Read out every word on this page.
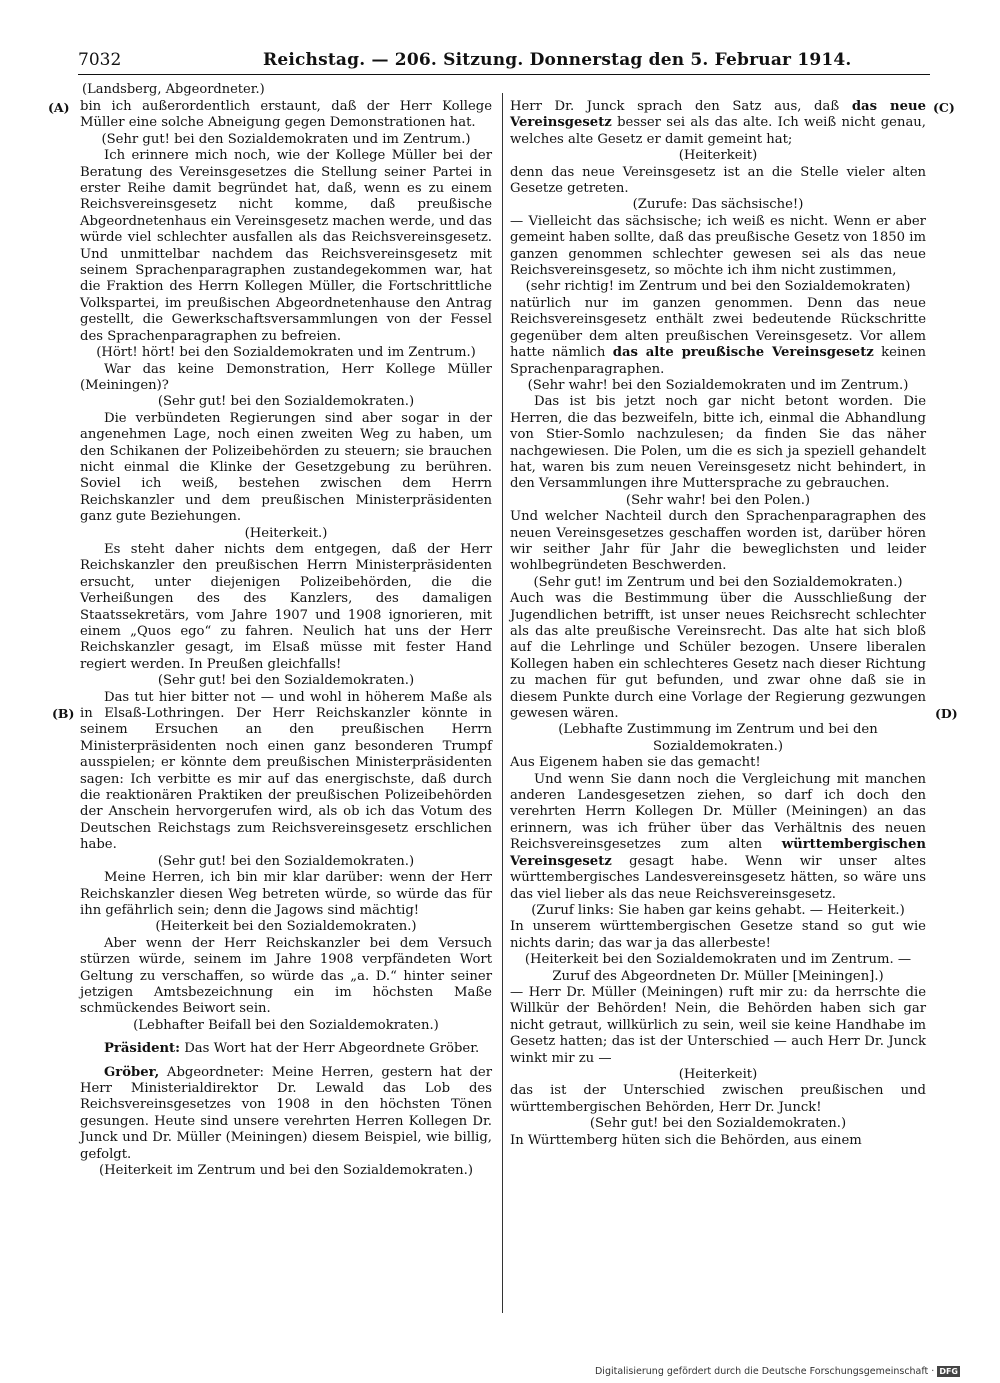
7032	Reichstag. — 206. Sitzung. Donnerstag den 5. Februar 1914.
(Landsberg, Abgeordneter.)
(A)
(B)
(C)
(D)

bin ich außerordentlich erstaunt, daß der Herr Kollege Müller eine solche Abneigung gegen Demonstrationen hat.

(Sehr gut! bei den Sozialdemokraten und im Zentrum.)

Ich erinnere mich noch, wie der Kollege Müller bei der Beratung des Vereinsgesetzes die Stellung seiner Partei in erster Reihe damit begründet hat, daß, wenn es zu einem Reichsvereinsgesetz nicht komme, daß preußische Abgeordnetenhaus ein Vereinsgesetz machen werde, und das würde viel schlechter ausfallen als das Reichsvereinsgesetz. Und unmittelbar nachdem das Reichsvereinsgesetz mit seinem Sprachenparagraphen zustandegekommen war, hat die Fraktion des Herrn Kollegen Müller, die Fortschrittliche Volkspartei, im preußischen Abgeordnetenhause den Antrag gestellt, die Gewerkschaftsversammlungen von der Fessel des Sprachenparagraphen zu befreien.

(Hört! hört! bei den Sozialdemokraten und im Zentrum.)

War das keine Demonstration, Herr Kollege Müller (Meiningen)?

(Sehr gut! bei den Sozialdemokraten.)

Die verbündeten Regierungen sind aber sogar in der angenehmen Lage, noch einen zweiten Weg zu haben, um den Schikanen der Polizeibehörden zu steuern; sie brauchen nicht einmal die Klinke der Gesetzgebung zu berühren. Soviel ich weiß, bestehen zwischen dem Herrn Reichskanzler und dem preußischen Ministerpräsidenten ganz gute Beziehungen.

(Heiterkeit.)

Es steht daher nichts dem entgegen, daß der Herr Reichskanzler den preußischen Herrn Ministerpräsidenten ersucht, unter diejenigen Polizeibehörden, die die Verheißungen des des Kanzlers, des damaligen Staatssekretärs, vom Jahre 1907 und 1908 ignorieren, mit einem „Quos ego“ zu fahren. Neulich hat uns der Herr Reichskanzler gesagt, im Elsaß müsse mit fester Hand regiert werden. In Preußen gleichfalls!

(Sehr gut! bei den Sozialdemokraten.)

Das tut hier bitter not — und wohl in höherem Maße als in Elsaß-Lothringen. Der Herr Reichskanzler könnte in seinem Ersuchen an den preußischen Herrn Ministerpräsidenten noch einen ganz besonderen Trumpf ausspielen; er könnte dem preußischen Ministerpräsidenten sagen: Ich verbitte es mir auf das energischste, daß durch die reaktionären Praktiken der preußischen Polizeibehörden der Anschein hervorgerufen wird, als ob ich das Votum des Deutschen Reichstags zum Reichsvereinsgesetz erschlichen habe.

(Sehr gut! bei den Sozialdemokraten.)

Meine Herren, ich bin mir klar darüber: wenn der Herr Reichskanzler diesen Weg betreten würde, so würde das für ihn gefährlich sein; denn die Jagows sind mächtig!

(Heiterkeit bei den Sozialdemokraten.)

Aber wenn der Herr Reichskanzler bei dem Versuch stürzen würde, seinem im Jahre 1908 verpfändeten Wort Geltung zu verschaffen, so würde das „a. D.“ hinter seiner jetzigen Amtsbezeichnung ein im höchsten Maße schmückendes Beiwort sein.

(Lebhafter Beifall bei den Sozialdemokraten.)

Präsident: Das Wort hat der Herr Abgeordnete Gröber.

Gröber, Abgeordneter: Meine Herren, gestern hat der Herr Ministerialdirektor Dr. Lewald das Lob des Reichsvereinsgesetzes von 1908 in den höchsten Tönen gesungen. Heute sind unsere verehrten Herren Kollegen Dr. Junck und Dr. Müller (Meiningen) diesem Beispiel, wie billig, gefolgt.

(Heiterkeit im Zentrum und bei den Sozialdemokraten.)

Herr Dr. Junck sprach den Satz aus, daß das neue Vereinsgesetz besser sei als das alte. Ich weiß nicht genau, welches alte Gesetz er damit gemeint hat;

(Heiterkeit)

denn das neue Vereinsgesetz ist an die Stelle vieler alten Gesetze getreten.

(Zurufe: Das sächsische!)

— Vielleicht das sächsische; ich weiß es nicht. Wenn er aber gemeint haben sollte, daß das preußische Gesetz von 1850 im ganzen genommen schlechter gewesen sei als das neue Reichsvereinsgesetz, so möchte ich ihm nicht zustimmen,

(sehr richtig! im Zentrum und bei den Sozialdemokraten)

natürlich nur im ganzen genommen. Denn das neue Reichsvereinsgesetz enthält zwei bedeutende Rückschritte gegenüber dem alten preußischen Vereinsgesetz. Vor allem hatte nämlich das alte preußische Vereinsgesetz keinen Sprachenparagraphen.

(Sehr wahr! bei den Sozialdemokraten und im Zentrum.)

Das ist bis jetzt noch gar nicht betont worden. Die Herren, die das bezweifeln, bitte ich, einmal die Abhandlung von Stier-Somlo nachzulesen; da finden Sie das näher nachgewiesen. Die Polen, um die es sich ja speziell gehandelt hat, waren bis zum neuen Vereinsgesetz nicht behindert, in den Versammlungen ihre Muttersprache zu gebrauchen.

(Sehr wahr! bei den Polen.)

Und welcher Nachteil durch den Sprachenparagraphen des neuen Vereinsgesetzes geschaffen worden ist, darüber hören wir seither Jahr für Jahr die beweglichsten und leider wohlbegründeten Beschwerden.

(Sehr gut! im Zentrum und bei den Sozialdemokraten.)

Auch was die Bestimmung über die Ausschließung der Jugendlichen betrifft, ist unser neues Reichsrecht schlechter als das alte preußische Vereinsrecht. Das alte hat sich bloß auf die Lehrlinge und Schüler bezogen. Unsere liberalen Kollegen haben ein schlechteres Gesetz nach dieser Richtung zu machen für gut befunden, und zwar ohne daß sie in diesem Punkte durch eine Vorlage der Regierung gezwungen gewesen wären.

(Lebhafte Zustimmung im Zentrum und bei den Sozialdemokraten.)

Aus Eigenem haben sie das gemacht!

Und wenn Sie dann noch die Vergleichung mit manchen anderen Landesgesetzen ziehen, so darf ich doch den verehrten Herrn Kollegen Dr. Müller (Meiningen) an das erinnern, was ich früher über das Verhältnis des neuen Reichsvereinsgesetzes zum alten württembergischen Vereinsgesetz gesagt habe. Wenn wir unser altes württembergisches Landesvereinsgesetz hätten, so wäre uns das viel lieber als das neue Reichsvereinsgesetz.

(Zuruf links: Sie haben gar keins gehabt. — Heiterkeit.)

In unserem württembergischen Gesetze stand so gut wie nichts darin; das war ja das allerbeste!

(Heiterkeit bei den Sozialdemokraten und im Zentrum. — Zuruf des Abgeordneten Dr. Müller [Meiningen].)

— Herr Dr. Müller (Meiningen) ruft mir zu: da herrschte die Willkür der Behörden! Nein, die Behörden haben sich gar nicht getraut, willkürlich zu sein, weil sie keine Handhabe im Gesetz hatten; das ist der Unterschied — auch Herr Dr. Junck winkt mir zu —

(Heiterkeit)

das ist der Unterschied zwischen preußischen und württembergischen Behörden, Herr Dr. Junck!

(Sehr gut! bei den Sozialdemokraten.)

In Württemberg hüten sich die Behörden, aus einem

Digitalisierung gefördert durch die Deutsche Forschungsgemeinschaft · DFG
